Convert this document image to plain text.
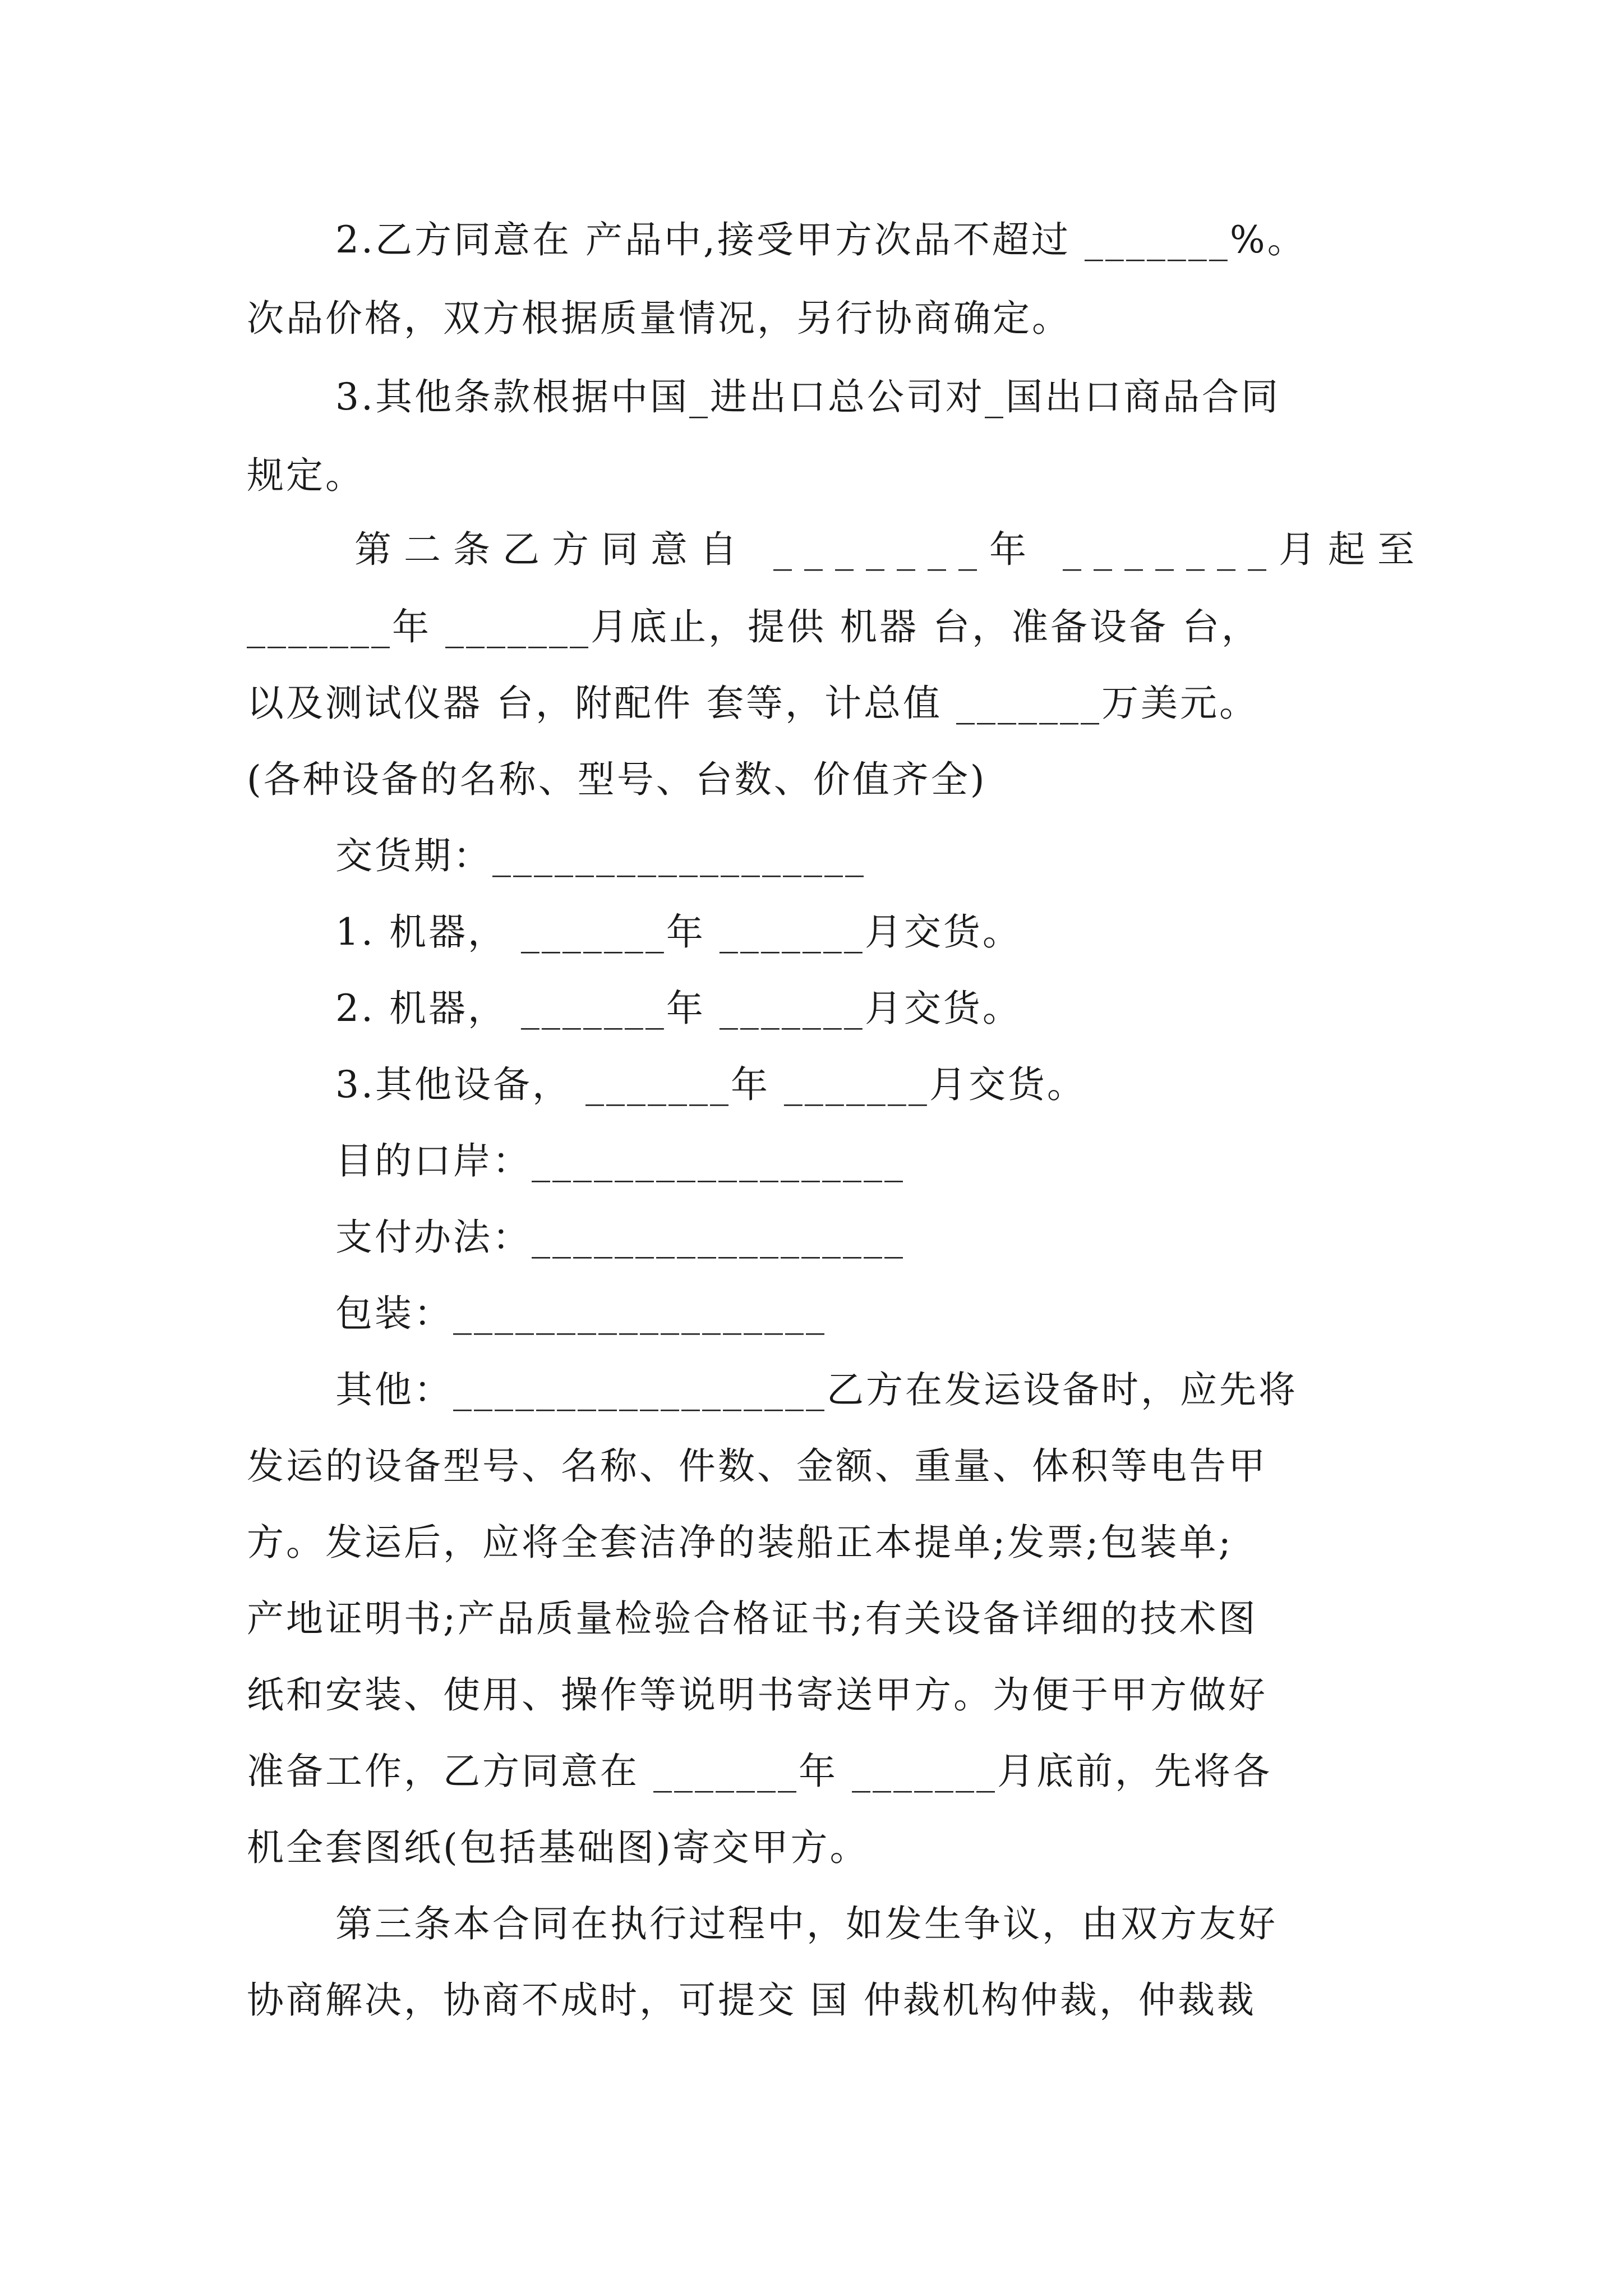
2.乙方同意在 产品中,接受甲方次品不超过 _______%。
次品价格，双方根据质量情况，另行协商确定。
3.其他条款根据中国_进出口总公司对_国出口商品合同
规定。
第二条乙方同意自 _______年 _______月起至
_______年 _______月底止，提供 机器 台，准备设备 台，
以及测试仪器 台，附配件 套等，计总值 _______万美元。
(各种设备的名称、型号、台数、价值齐全)
交货期：__________________
1. 机器， _______年 _______月交货。
2. 机器， _______年 _______月交货。
3.其他设备， _______年 _______月交货。
目的口岸：__________________
支付办法：__________________
包装：__________________
其他：__________________乙方在发运设备时，应先将
发运的设备型号、名称、件数、金额、重量、体积等电告甲
方。发运后，应将全套洁净的装船正本提单;发票;包装单;
产地证明书;产品质量检验合格证书;有关设备详细的技术图
纸和安装、使用、操作等说明书寄送甲方。为便于甲方做好
准备工作，乙方同意在 _______年 _______月底前，先将各
机全套图纸(包括基础图)寄交甲方。
第三条本合同在执行过程中，如发生争议，由双方友好
协商解决，协商不成时，可提交 国 仲裁机构仲裁，仲裁裁
